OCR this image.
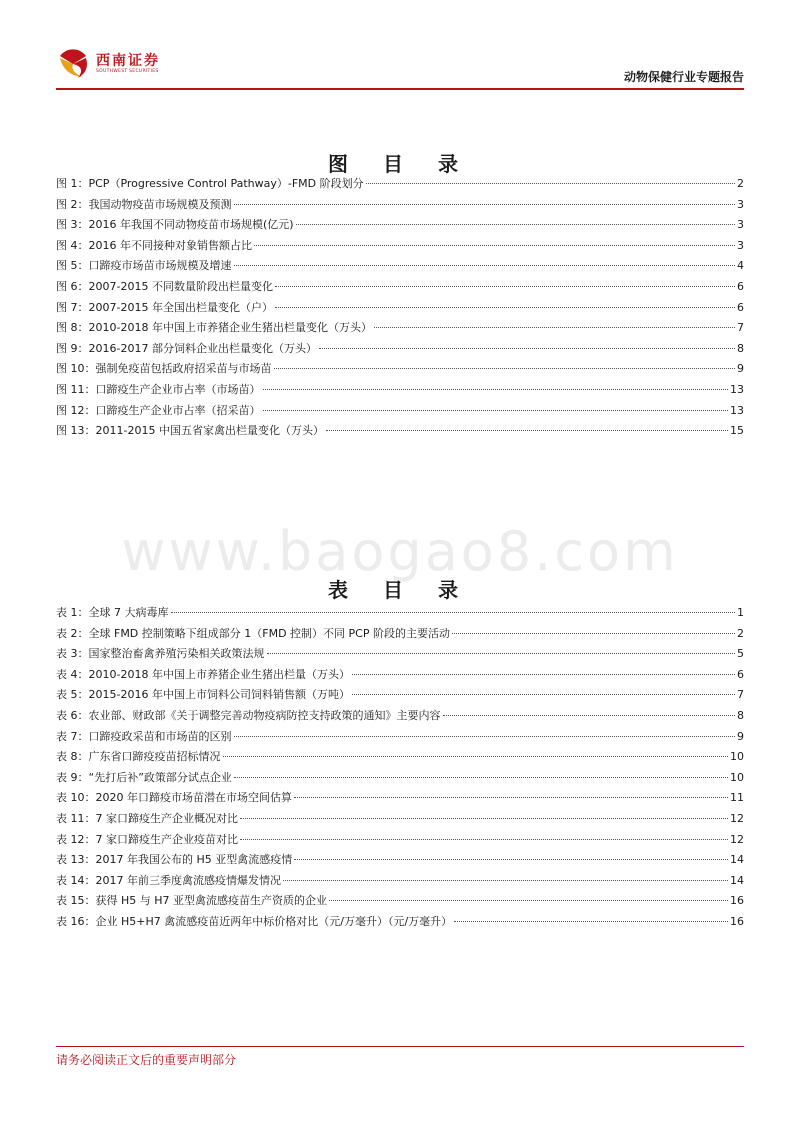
西南证券
SOUTHWEST SECURITIES	动物保健行业专题报告
www.baogao8.com
图 目 录
图 1：PCP（Progressive Control Pathway）-FMD 阶段划分	2
图 2：我国动物疫苗市场规模及预测	3
图 3：2016 年我国不同动物疫苗市场规模(亿元)	3
图 4：2016 年不同接种对象销售额占比	3
图 5：口蹄疫市场苗市场规模及增速	4
图 6：2007-2015 不同数量阶段出栏量变化	6
图 7：2007-2015 年全国出栏量变化（户）	6
图 8：2010-2018 年中国上市养猪企业生猪出栏量变化（万头）	7
图 9：2016-2017 部分饲料企业出栏量变化（万头）	8
图 10：强制免疫苗包括政府招采苗与市场苗	9
图 11：口蹄疫生产企业市占率（市场苗）	13
图 12：口蹄疫生产企业市占率（招采苗）	13
图 13：2011-2015 中国五省家禽出栏量变化（万头）	15
表 目 录
表 1：全球 7 大病毒库	1
表 2：全球 FMD 控制策略下组成部分 1（FMD 控制）不同 PCP 阶段的主要活动	2
表 3：国家整治畜禽养殖污染相关政策法规	5
表 4：2010-2018 年中国上市养猪企业生猪出栏量（万头）	6
表 5：2015-2016 年中国上市饲料公司饲料销售额（万吨）	7
表 6：农业部、财政部《关于调整完善动物疫病防控支持政策的通知》主要内容	8
表 7：口蹄疫政采苗和市场苗的区别	9
表 8：广东省口蹄疫疫苗招标情况	10
表 9：“先打后补”政策部分试点企业	10
表 10：2020 年口蹄疫市场苗潜在市场空间估算	11
表 11：7 家口蹄疫生产企业概况对比	12
表 12：7 家口蹄疫生产企业疫苗对比	12
表 13：2017 年我国公布的 H5 亚型禽流感疫情	14
表 14：2017 年前三季度禽流感疫情爆发情况	14
表 15：获得 H5 与 H7 亚型禽流感疫苗生产资质的企业	16
表 16：企业 H5+H7 禽流感疫苗近两年中标价格对比（元/万毫升）（元/万毫升）	16
请务必阅读正文后的重要声明部分
